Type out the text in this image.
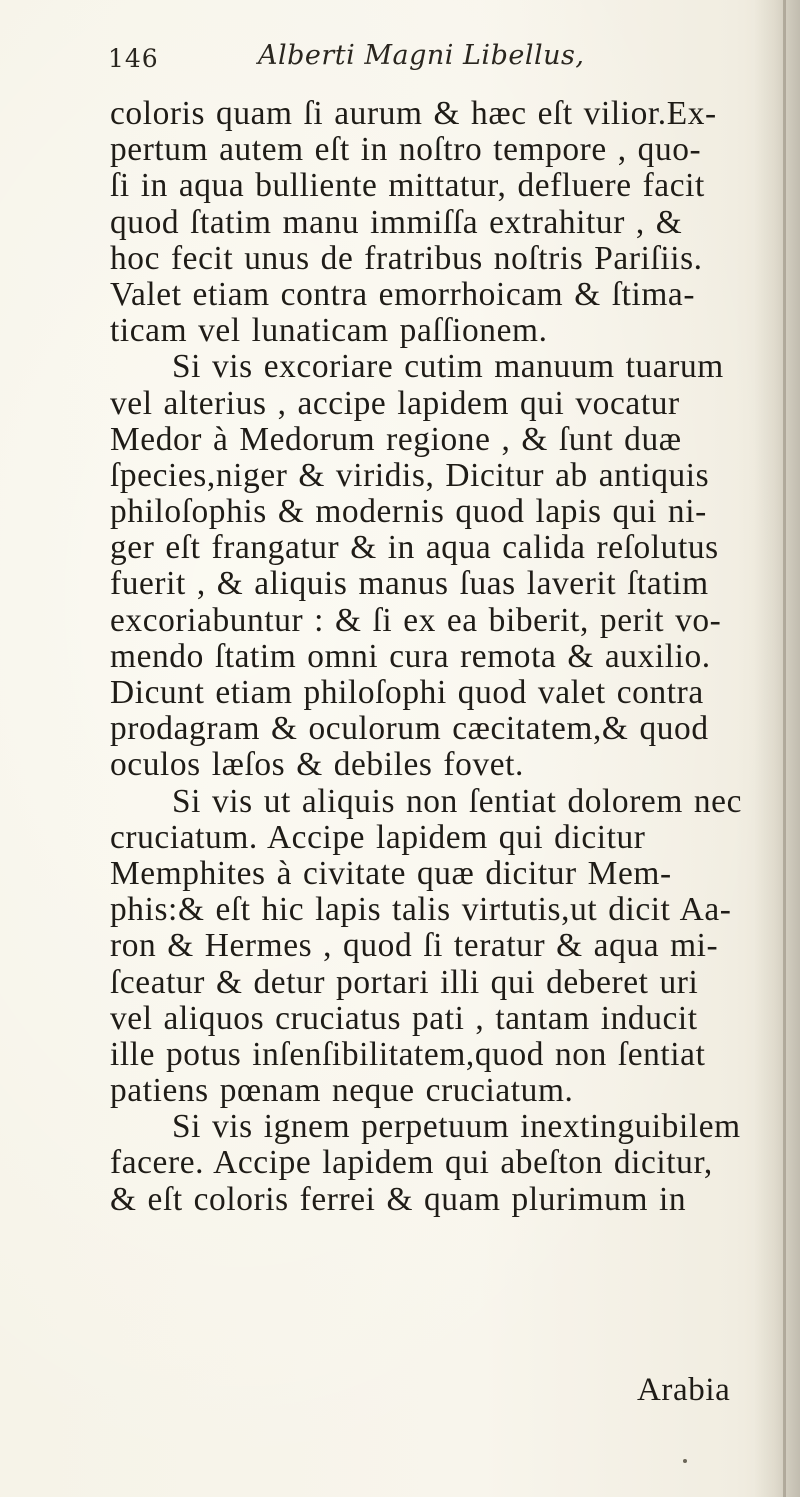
146	Alberti Magni Libellus,
coloris quam ſi aurum & hæc eſt vilior.Ex-
pertum autem eſt in noſtro tempore , quo-
ſi in aqua bulliente mittatur, defluere facit
quod ſtatim manu immiſſa extrahitur , &
hoc fecit unus de fratribus noſtris Pariſiis.
Valet etiam contra emorrhoicam & ſtima-
ticam vel lunaticam paſſionem.
Si vis excoriare cutim manuum tuarum
vel alterius , accipe lapidem qui vocatur
Medor à Medorum regione , & ſunt duæ
ſpecies,niger & viridis, Dicitur ab antiquis
philoſophis & modernis quod lapis qui ni-
ger eſt frangatur & in aqua calida reſolutus
fuerit , & aliquis manus ſuas laverit ſtatim
excoriabuntur : & ſi ex ea biberit, perit vo-
mendo ſtatim omni cura remota & auxilio.
Dicunt etiam philoſophi quod valet contra
prodagram & oculorum cæcitatem,& quod
oculos læſos & debiles fovet.
Si vis ut aliquis non ſentiat dolorem nec
cruciatum. Accipe lapidem qui dicitur
Memphites à civitate quæ dicitur Mem-
phis:& eſt hic lapis talis virtutis,ut dicit Aa-
ron & Hermes , quod ſi teratur & aqua mi-
ſceatur & detur portari illi qui deberet uri
vel aliquos cruciatus pati , tantam inducit
ille potus inſenſibilitatem,quod non ſentiat
patiens pœnam neque cruciatum.
Si vis ignem perpetuum inextinguibilem
facere. Accipe lapidem qui abeſton dicitur,
& eſt coloris ferrei & quam plurimum in
Arabia
